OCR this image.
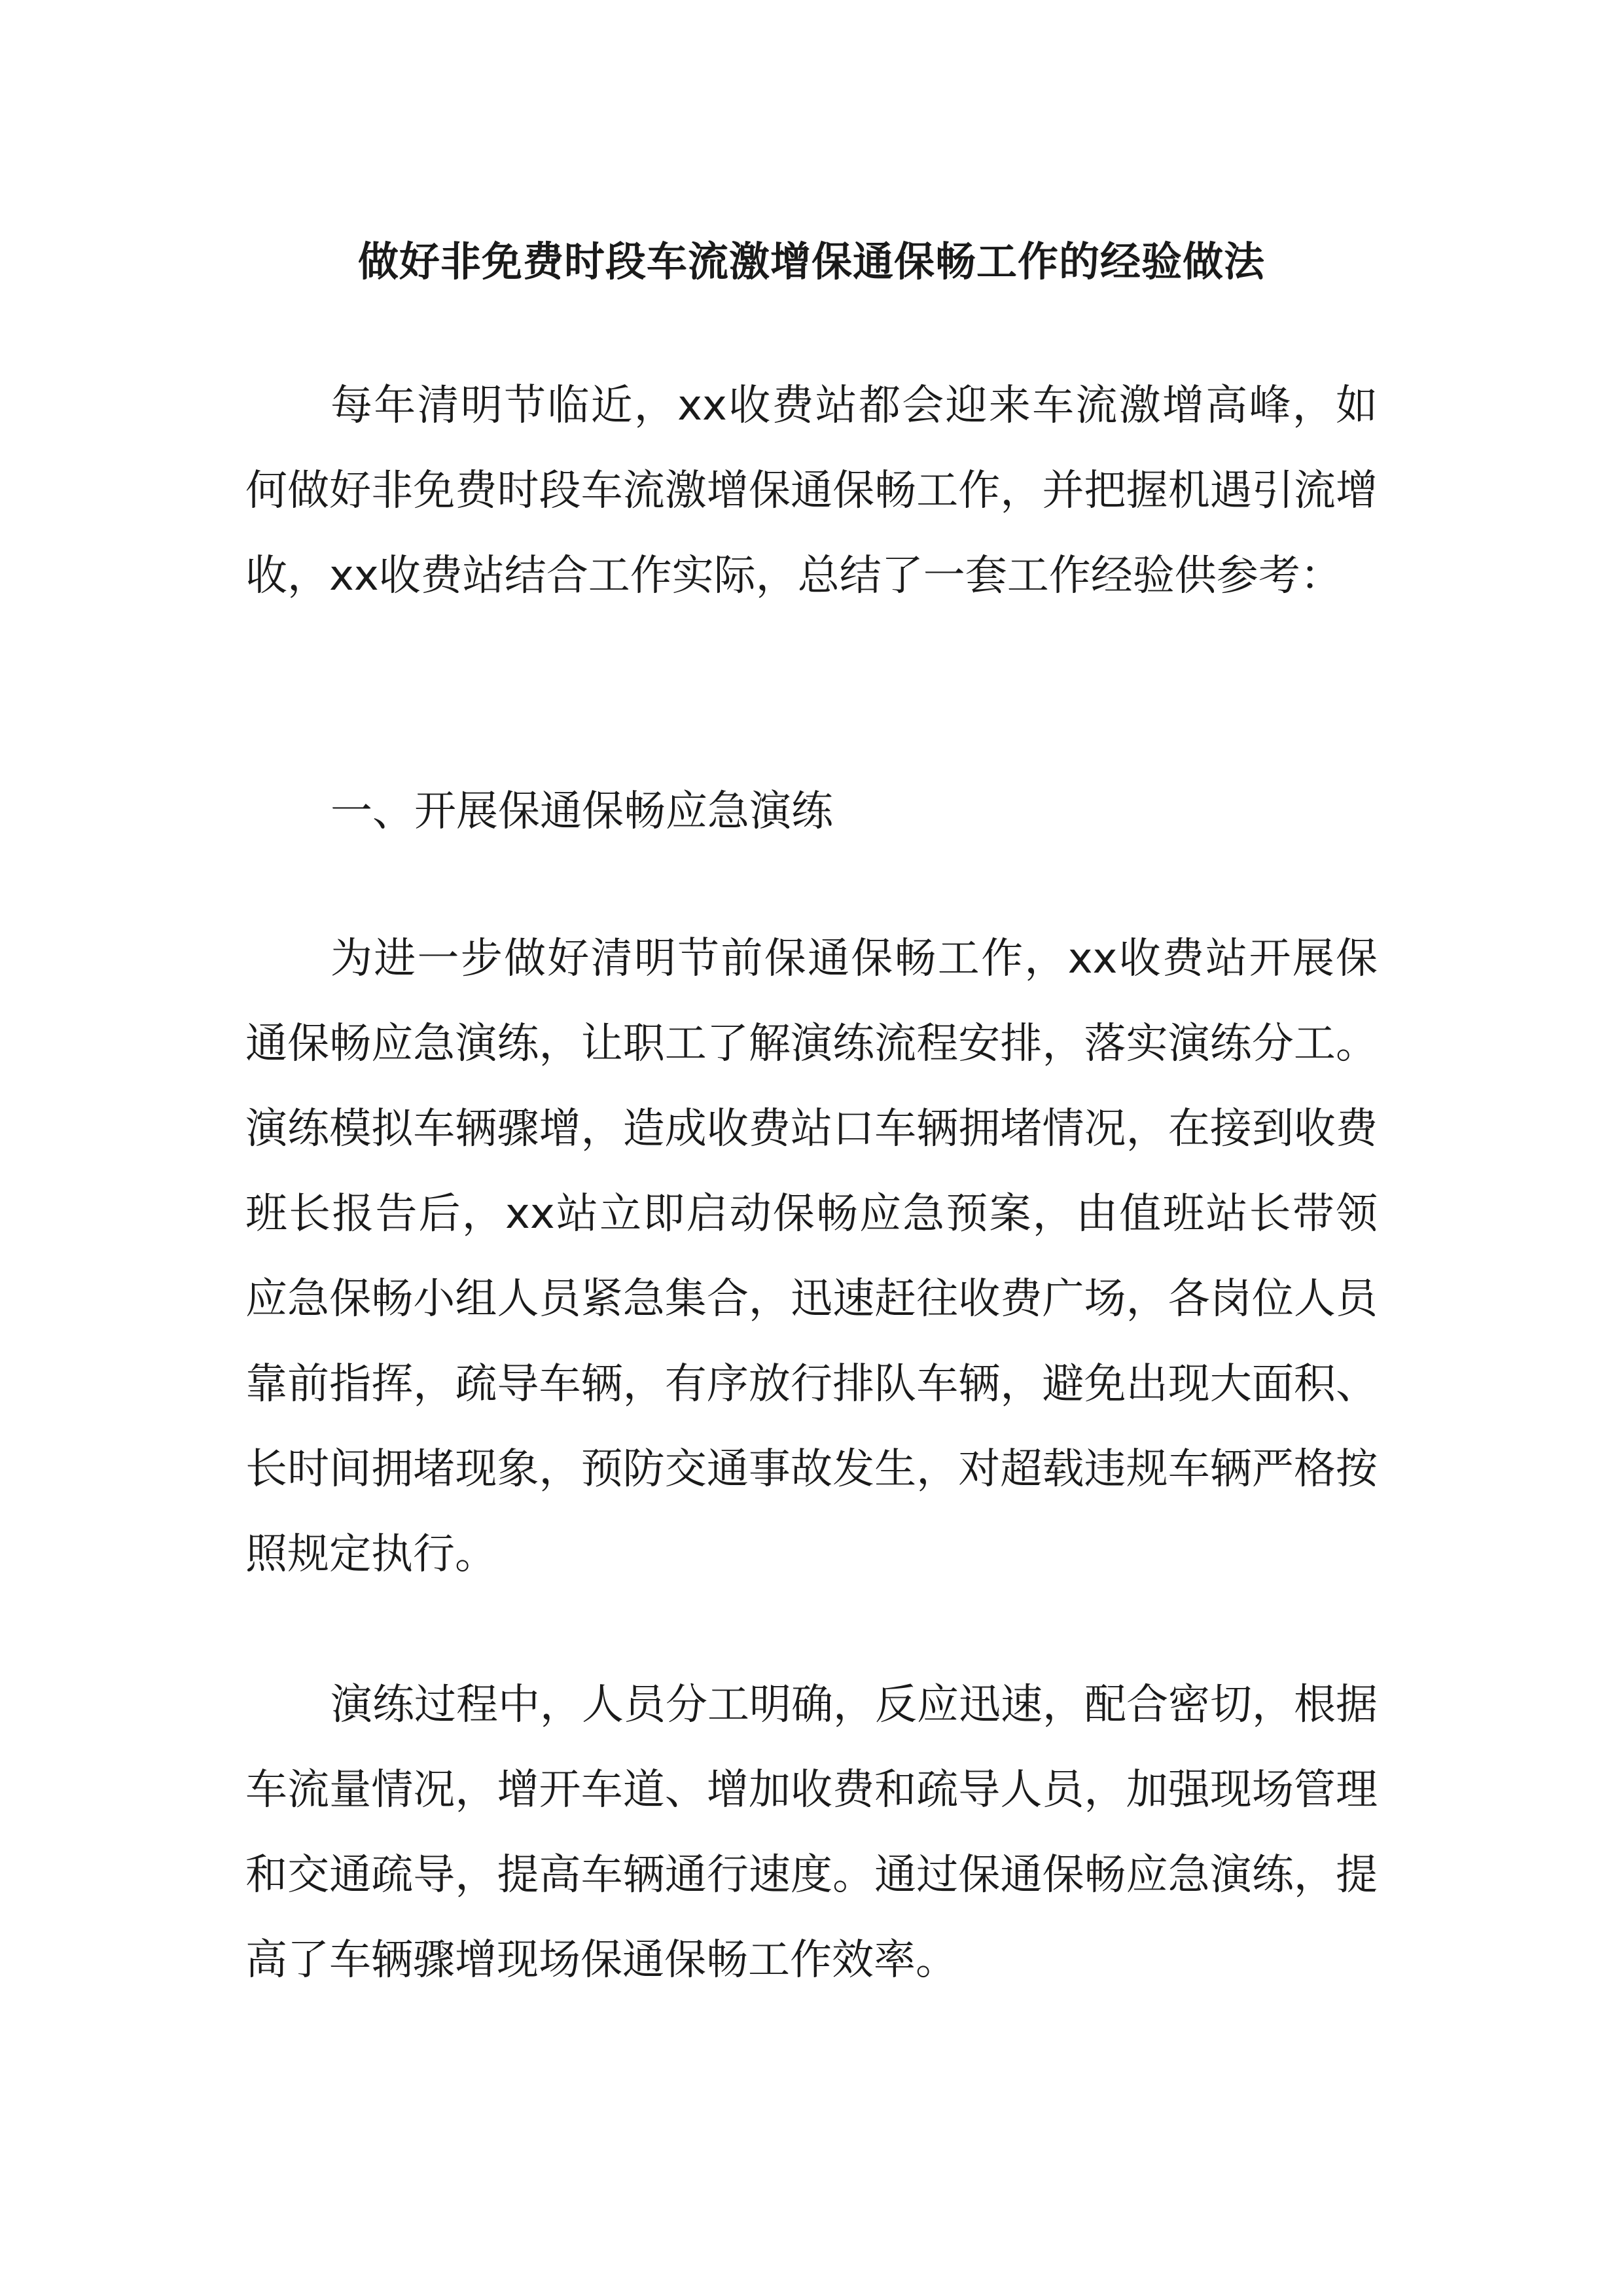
做好非免费时段车流激增保通保畅工作的经验做法

每年清明节临近，xx收费站都会迎来车流激增高峰，如何做好非免费时段车流激增保通保畅工作，并把握机遇引流增收，xx收费站结合工作实际，总结了一套工作经验供参考：

一、开展保通保畅应急演练

为进一步做好清明节前保通保畅工作，xx收费站开展保通保畅应急演练，让职工了解演练流程安排，落实演练分工。演练模拟车辆骤增，造成收费站口车辆拥堵情况，在接到收费班长报告后，xx站立即启动保畅应急预案，由值班站长带领应急保畅小组人员紧急集合，迅速赶往收费广场，各岗位人员靠前指挥，疏导车辆，有序放行排队车辆，避免出现大面积、长时间拥堵现象，预防交通事故发生，对超载违规车辆严格按照规定执行。

演练过程中，人员分工明确，反应迅速，配合密切，根据车流量情况，增开车道、增加收费和疏导人员，加强现场管理和交通疏导，提高车辆通行速度。通过保通保畅应急演练，提高了车辆骤增现场保通保畅工作效率。
